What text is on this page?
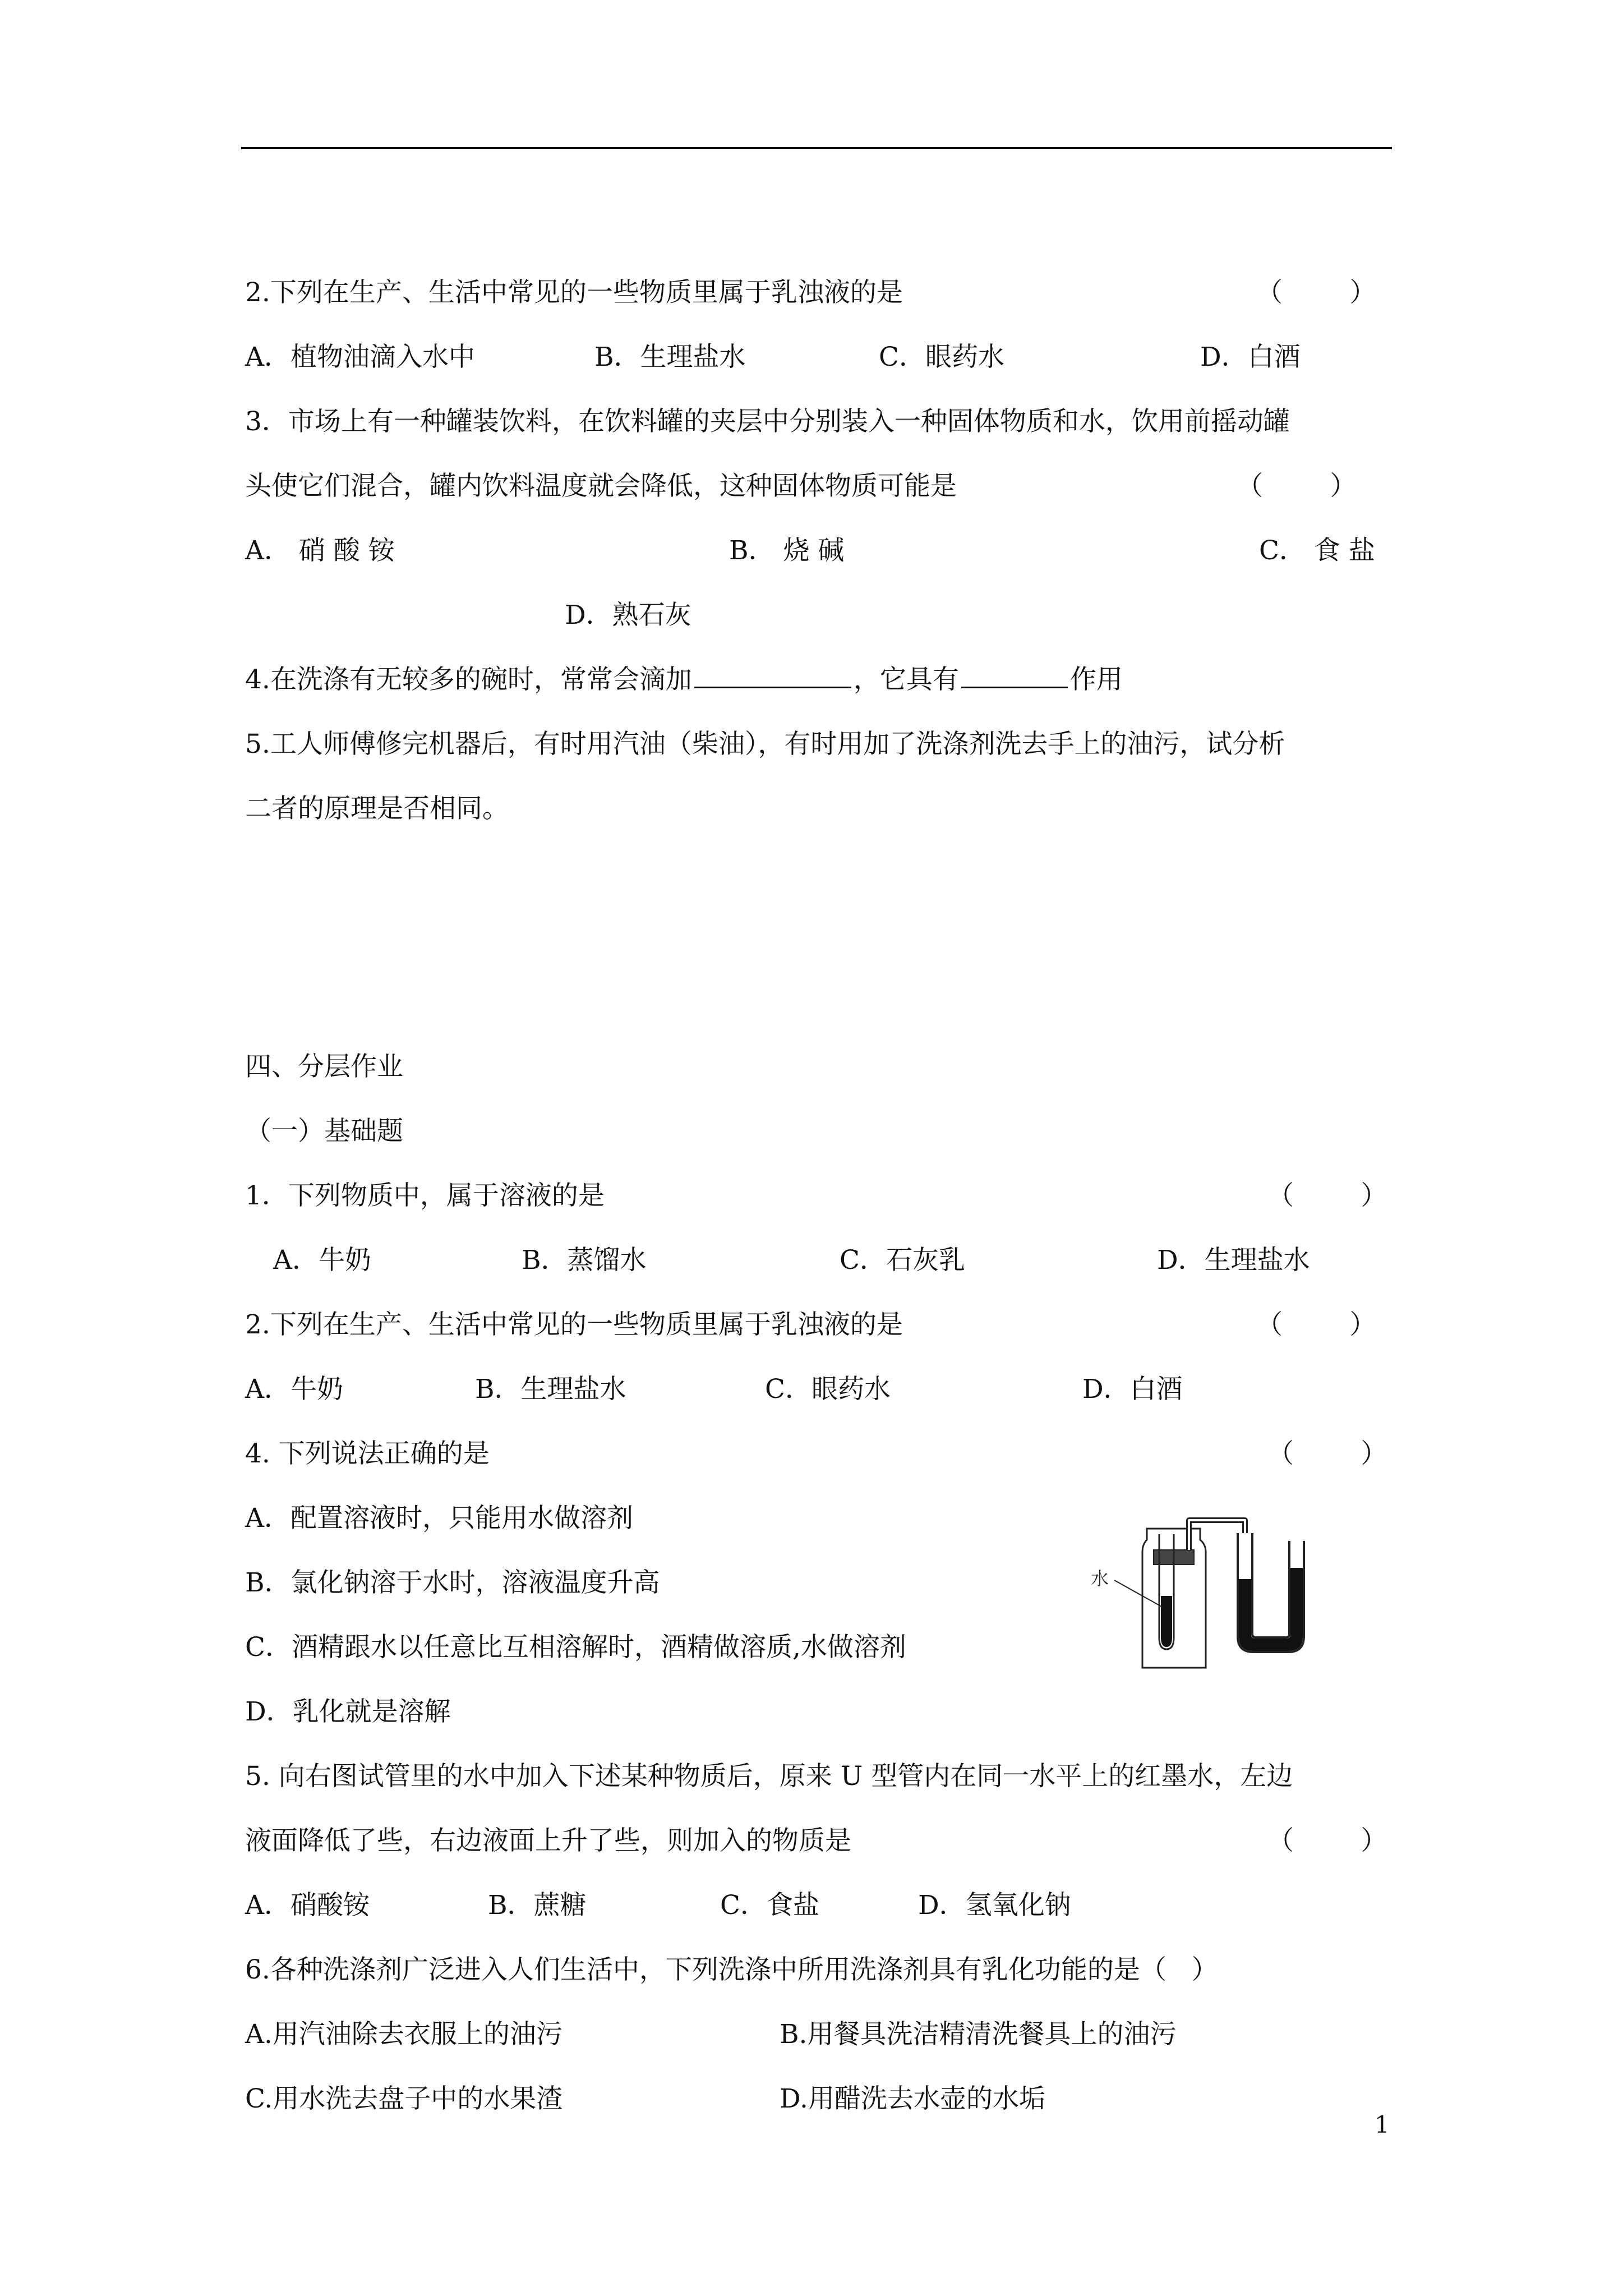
2.下列在生产、生活中常见的一些物质里属于乳浊液的是	（        ）
A．植物油滴入水中	B．生理盐水	C．眼药水	D．白酒
3．市场上有一种罐装饮料，在饮料罐的夹层中分别装入一种固体物质和水，饮用前摇动罐
头使它们混合，罐内饮料温度就会降低，这种固体物质可能是	（        ）
A． 硝 酸 铵	B． 烧 碱	C． 食 盐
D．熟石灰
4.在洗涤有无较多的碗时，常常会滴加	，它具有	作用
5.工人师傅修完机器后，有时用汽油（柴油），有时用加了洗涤剂洗去手上的油污，试分析
二者的原理是否相同。
四、分层作业
（一）基础题
1．下列物质中，属于溶液的是	（        ）
A．牛奶	B．蒸馏水	C．石灰乳	D．生理盐水
2.下列在生产、生活中常见的一些物质里属于乳浊液的是	（        ）
A．牛奶	B．生理盐水	C．眼药水	D．白酒
4. 下列说法正确的是	（        ）
A．配置溶液时，只能用水做溶剂
B．氯化钠溶于水时，溶液温度升高
C．酒精跟水以任意比互相溶解时，酒精做溶质,水做溶剂
D．乳化就是溶解
水
5. 向右图试管里的水中加入下述某种物质后，原来 U 型管内在同一水平上的红墨水，左边
液面降低了些，右边液面上升了些，则加入的物质是	（        ）
A．硝酸铵	B．蔗糖	C．食盐	D．氢氧化钠
6.各种洗涤剂广泛进入人们生活中，下列洗涤中所用洗涤剂具有乳化功能的是（   ）
A.用汽油除去衣服上的油污	B.用餐具洗洁精清洗餐具上的油污
C.用水洗去盘子中的水果渣	D.用醋洗去水壶的水垢
1
